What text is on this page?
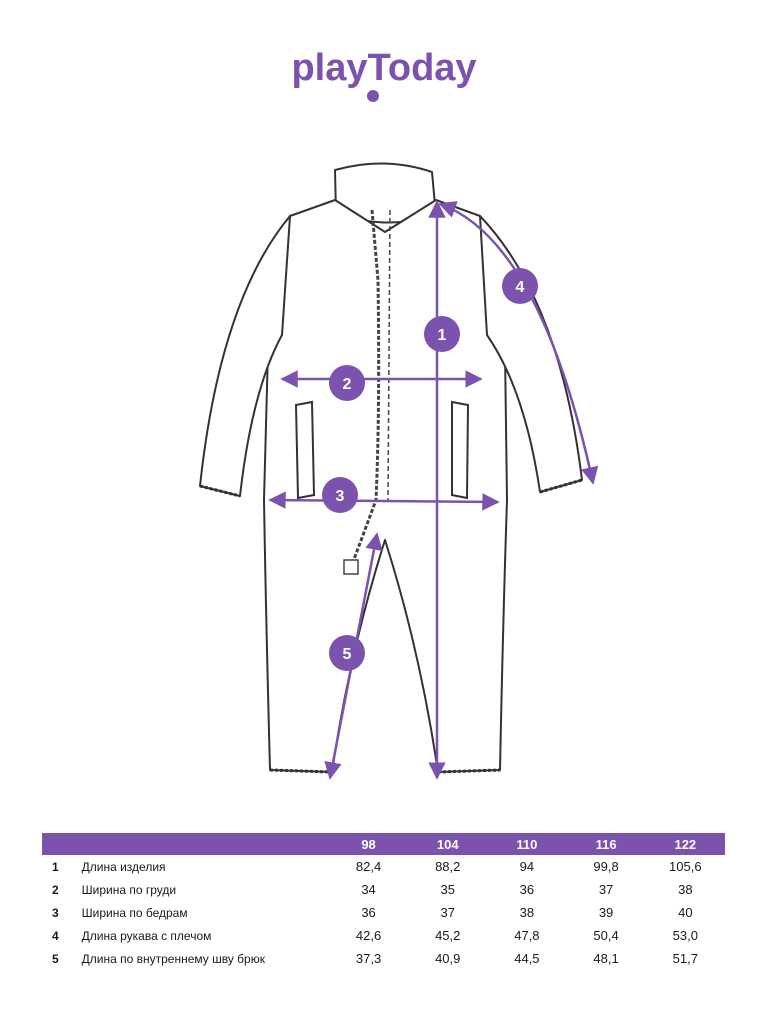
playToday
1
2
3
4
5
		98	104	110	116	122
1	Длина изделия	82,4	88,2	94	99,8	105,6
2	Ширина по груди	34	35	36	37	38
3	Ширина по бедрам	36	37	38	39	40
4	Длина рукава с плечом	42,6	45,2	47,8	50,4	53,0
5	Длина по внутреннему шву брюк	37,3	40,9	44,5	48,1	51,7
